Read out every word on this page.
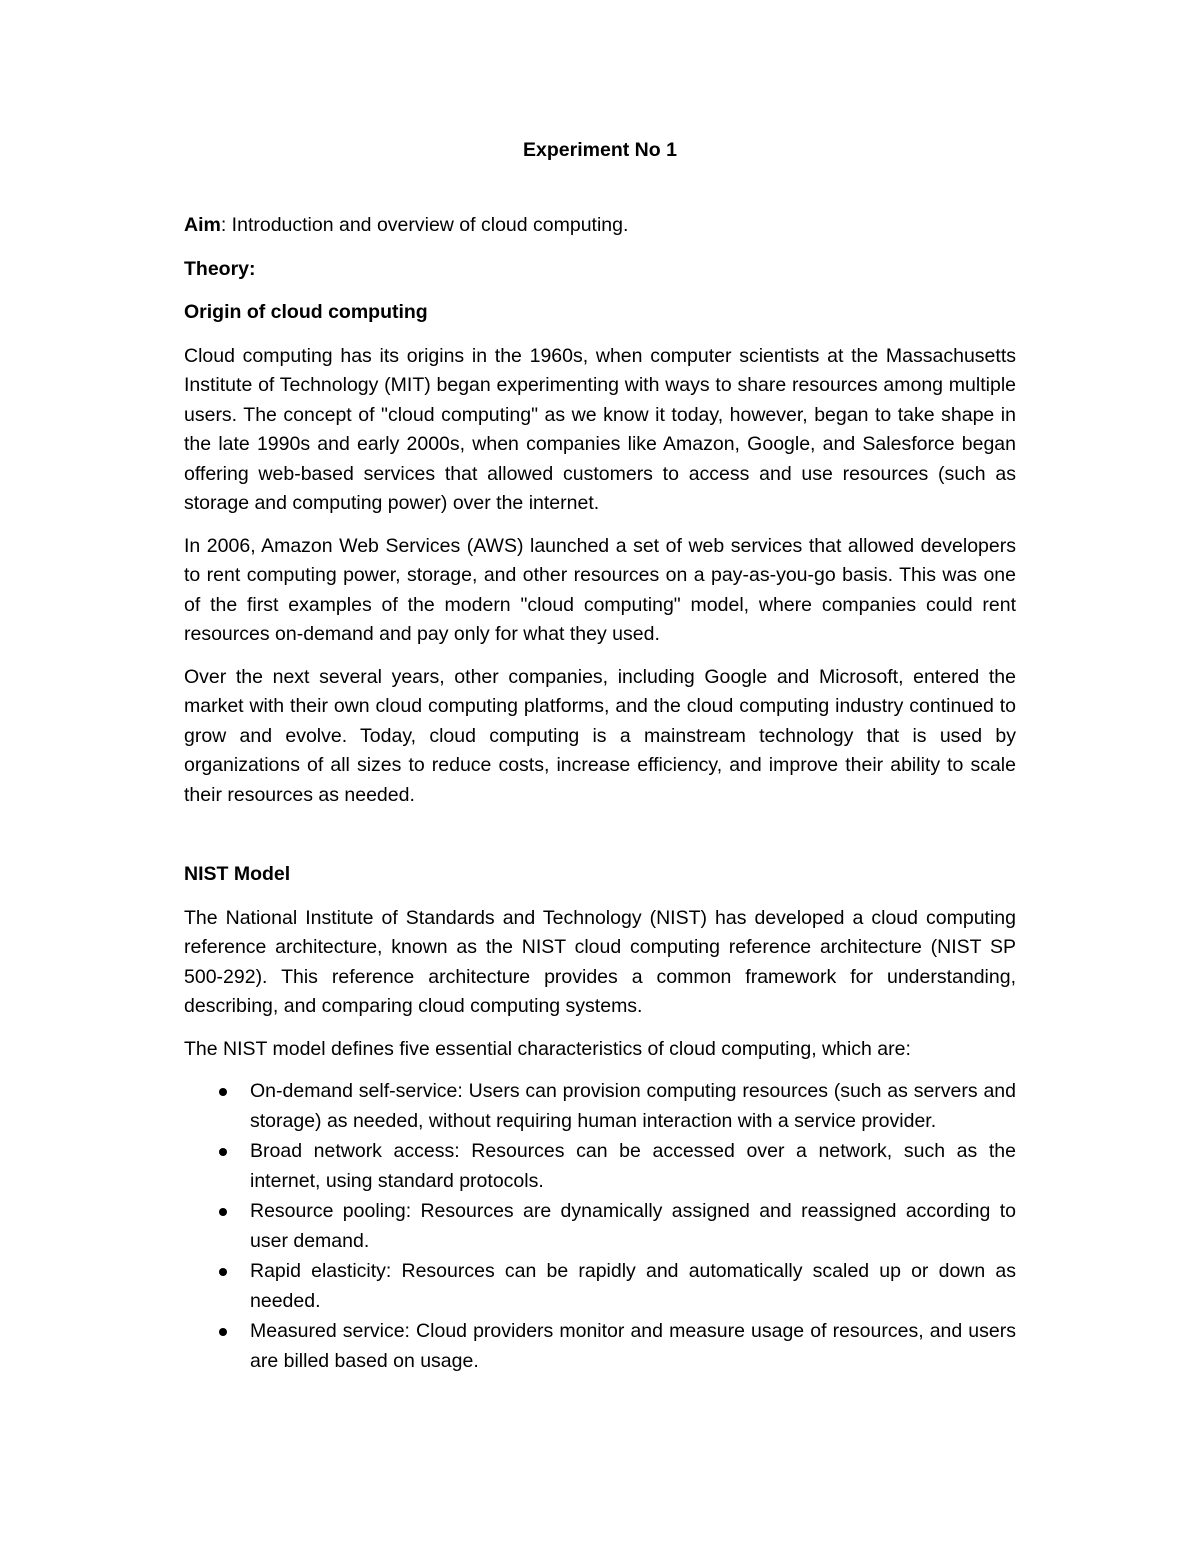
Experiment No 1

Aim: Introduction and overview of cloud computing.

Theory:

Origin of cloud computing

Cloud computing has its origins in the 1960s, when computer scientists at the Massachusetts Institute of Technology (MIT) began experimenting with ways to share resources among multiple users. The concept of "cloud computing" as we know it today, however, began to take shape in the late 1990s and early 2000s, when companies like Amazon, Google, and Salesforce began offering web-based services that allowed customers to access and use resources (such as storage and computing power) over the internet.

In 2006, Amazon Web Services (AWS) launched a set of web services that allowed developers to rent computing power, storage, and other resources on a pay-as-you-go basis. This was one of the first examples of the modern "cloud computing" model, where companies could rent resources on-demand and pay only for what they used.

Over the next several years, other companies, including Google and Microsoft, entered the market with their own cloud computing platforms, and the cloud computing industry continued to grow and evolve. Today, cloud computing is a mainstream technology that is used by organizations of all sizes to reduce costs, increase efficiency, and improve their ability to scale their resources as needed.

NIST Model

The National Institute of Standards and Technology (NIST) has developed a cloud computing reference architecture, known as the NIST cloud computing reference architecture (NIST SP 500-292). This reference architecture provides a common framework for understanding, describing, and comparing cloud computing systems.

The NIST model defines five essential characteristics of cloud computing, which are:

On-demand self-service: Users can provision computing resources (such as servers and storage) as needed, without requiring human interaction with a service provider.
Broad network access: Resources can be accessed over a network, such as the internet, using standard protocols.
Resource pooling: Resources are dynamically assigned and reassigned according to user demand.
Rapid elasticity: Resources can be rapidly and automatically scaled up or down as needed.
Measured service: Cloud providers monitor and measure usage of resources, and users are billed based on usage.
